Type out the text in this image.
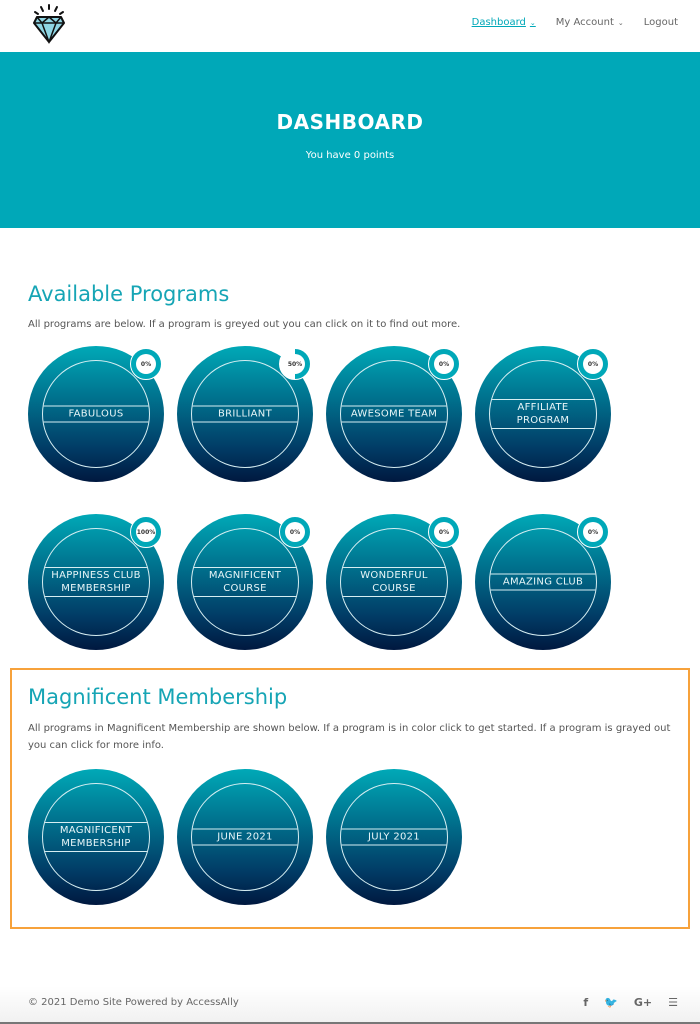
Dashboard ⌄ My Account ⌄ Logout
DASHBOARD

You have 0 points

Available Programs

All programs are below. If a program is greyed out you can click on it to find out more.

FABULOUS
0%
BRILLIANT
50%
AWESOME TEAM
0%
AFFILIATE PROGRAM
0%
HAPPINESS CLUB MEMBERSHIP
100%
MAGNIFICENT COURSE
0%
WONDERFUL COURSE
0%
AMAZING CLUB
0%
Magnificent Membership

All programs in Magnificent Membership are shown below. If a program is in color click to get started. If a program is grayed out you can click for more info.

MAGNIFICENT MEMBERSHIP
JUNE 2021	JULY 2021
© 2021 Demo Site Powered by AccessAlly	f 🐦 G+ ☰
